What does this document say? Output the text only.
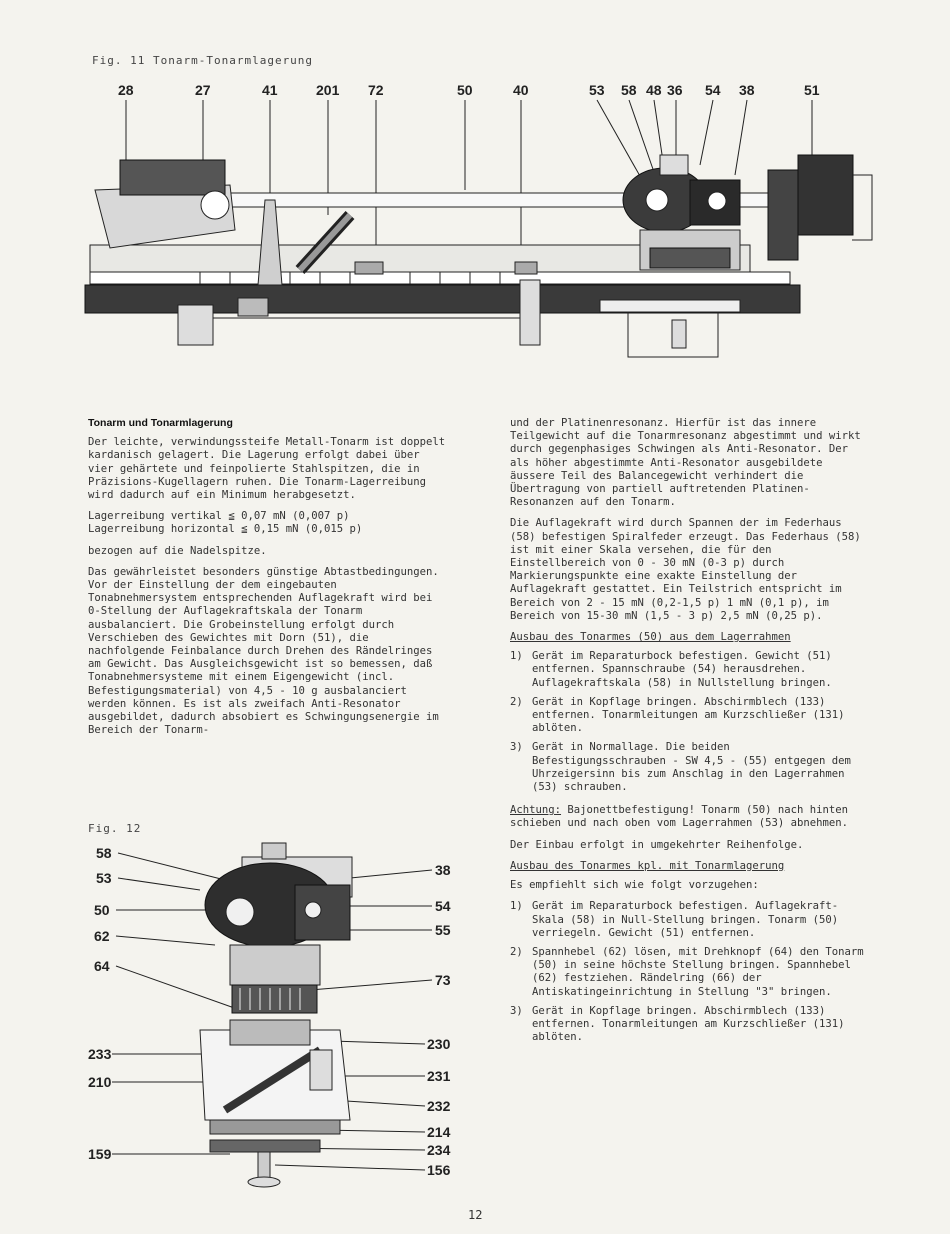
Fig. 11 Tonarm-Tonarmlagerung
28	27	41	201 72	50	40	53 58 48 36 54 38	51
Tonarm und Tonarmlagerung

Der leichte, verwindungssteife Metall-Tonarm ist doppelt kardanisch gelagert. Die Lagerung erfolgt dabei über vier gehärtete und feinpolierte Stahlspitzen, die in Präzisions-Kugellagern ruhen. Die Tonarm-Lagerreibung wird dadurch auf ein Minimum herabgesetzt.

Lagerreibung vertikal ≦ 0,07 mN (0,007 p)

Lagerreibung horizontal ≦ 0,15 mN (0,015 p)

bezogen auf die Nadelspitze.

Das gewährleistet besonders günstige Abtastbedingungen. Vor der Einstellung der dem eingebauten Tonabnehmersystem entsprechenden Auflagekraft wird bei 0-Stellung der Auflagekraftskala der Tonarm ausbalanciert. Die Grobeinstellung erfolgt durch Verschieben des Gewichtes mit Dorn (51), die nachfolgende Feinbalance durch Drehen des Rändelringes am Gewicht. Das Ausgleichsgewicht ist so bemessen, daß Tonabnehmersysteme mit einem Eigengewicht (incl. Befestigungsmaterial) von 4,5 - 10 g ausbalanciert werden können. Es ist als zweifach Anti-Resonator ausgebildet, dadurch absobiert es Schwingungsenergie im Bereich der Tonarm-

Fig. 12
58
53
50
62
64
233
210
159
38
54
55
73
230
231
232
214
234
156

und der Platinenresonanz. Hierfür ist das innere Teilgewicht auf die Tonarmresonanz abgestimmt und wirkt durch gegenphasiges Schwingen als Anti-Resonator. Der als höher abgestimmte Anti-Resonator ausgebildete äussere Teil des Balancegewicht verhindert die Übertragung von partiell auftretenden Platinen-Resonanzen auf den Tonarm.

Die Auflagekraft wird durch Spannen der im Federhaus (58) befestigen Spiralfeder erzeugt. Das Federhaus (58) ist mit einer Skala versehen, die für den Einstellbereich von 0 - 30 mN (0-3 p) durch Markierungspunkte eine exakte Einstellung der Auflagekraft gestattet. Ein Teilstrich entspricht im Bereich von 2 - 15 mN (0,2-1,5 p) 1 mN (0,1 p), im Bereich von 15-30 mN (1,5 - 3 p) 2,5 mN (0,25 p).

Ausbau des Tonarmes (50) aus dem Lagerrahmen
1) Gerät im Reparaturbock befestigen. Gewicht (51) entfernen. Spannschraube (54) herausdrehen. Auflagekraftskala (58) in Nullstellung bringen.
2) Gerät in Kopflage bringen. Abschirmblech (133) entfernen. Tonarmleitungen am Kurzschließer (131) ablöten.
3) Gerät in Normallage. Die beiden Befestigungsschrauben - SW 4,5 - (55) entgegen dem Uhrzeigersinn bis zum Anschlag in den Lagerrahmen (53) schrauben.

Achtung: Bajonettbefestigung! Tonarm (50) nach hinten schieben und nach oben vom Lagerrahmen (53) abnehmen.

Der Einbau erfolgt in umgekehrter Reihenfolge.

Ausbau des Tonarmes kpl. mit Tonarmlagerung

Es empfiehlt sich wie folgt vorzugehen:

1) Gerät im Reparaturbock befestigen. Auflagekraft-Skala (58) in Null-Stellung bringen. Tonarm (50) verriegeln. Gewicht (51) entfernen.
2) Spannhebel (62) lösen, mit Drehknopf (64) den Tonarm (50) in seine höchste Stellung bringen. Spannhebel (62) festziehen. Rändelring (66) der Antiskatingeinrichtung in Stellung "3" bringen.
3) Gerät in Kopflage bringen. Abschirmblech (133) entfernen. Tonarmleitungen am Kurzschließer (131) ablöten.
12
